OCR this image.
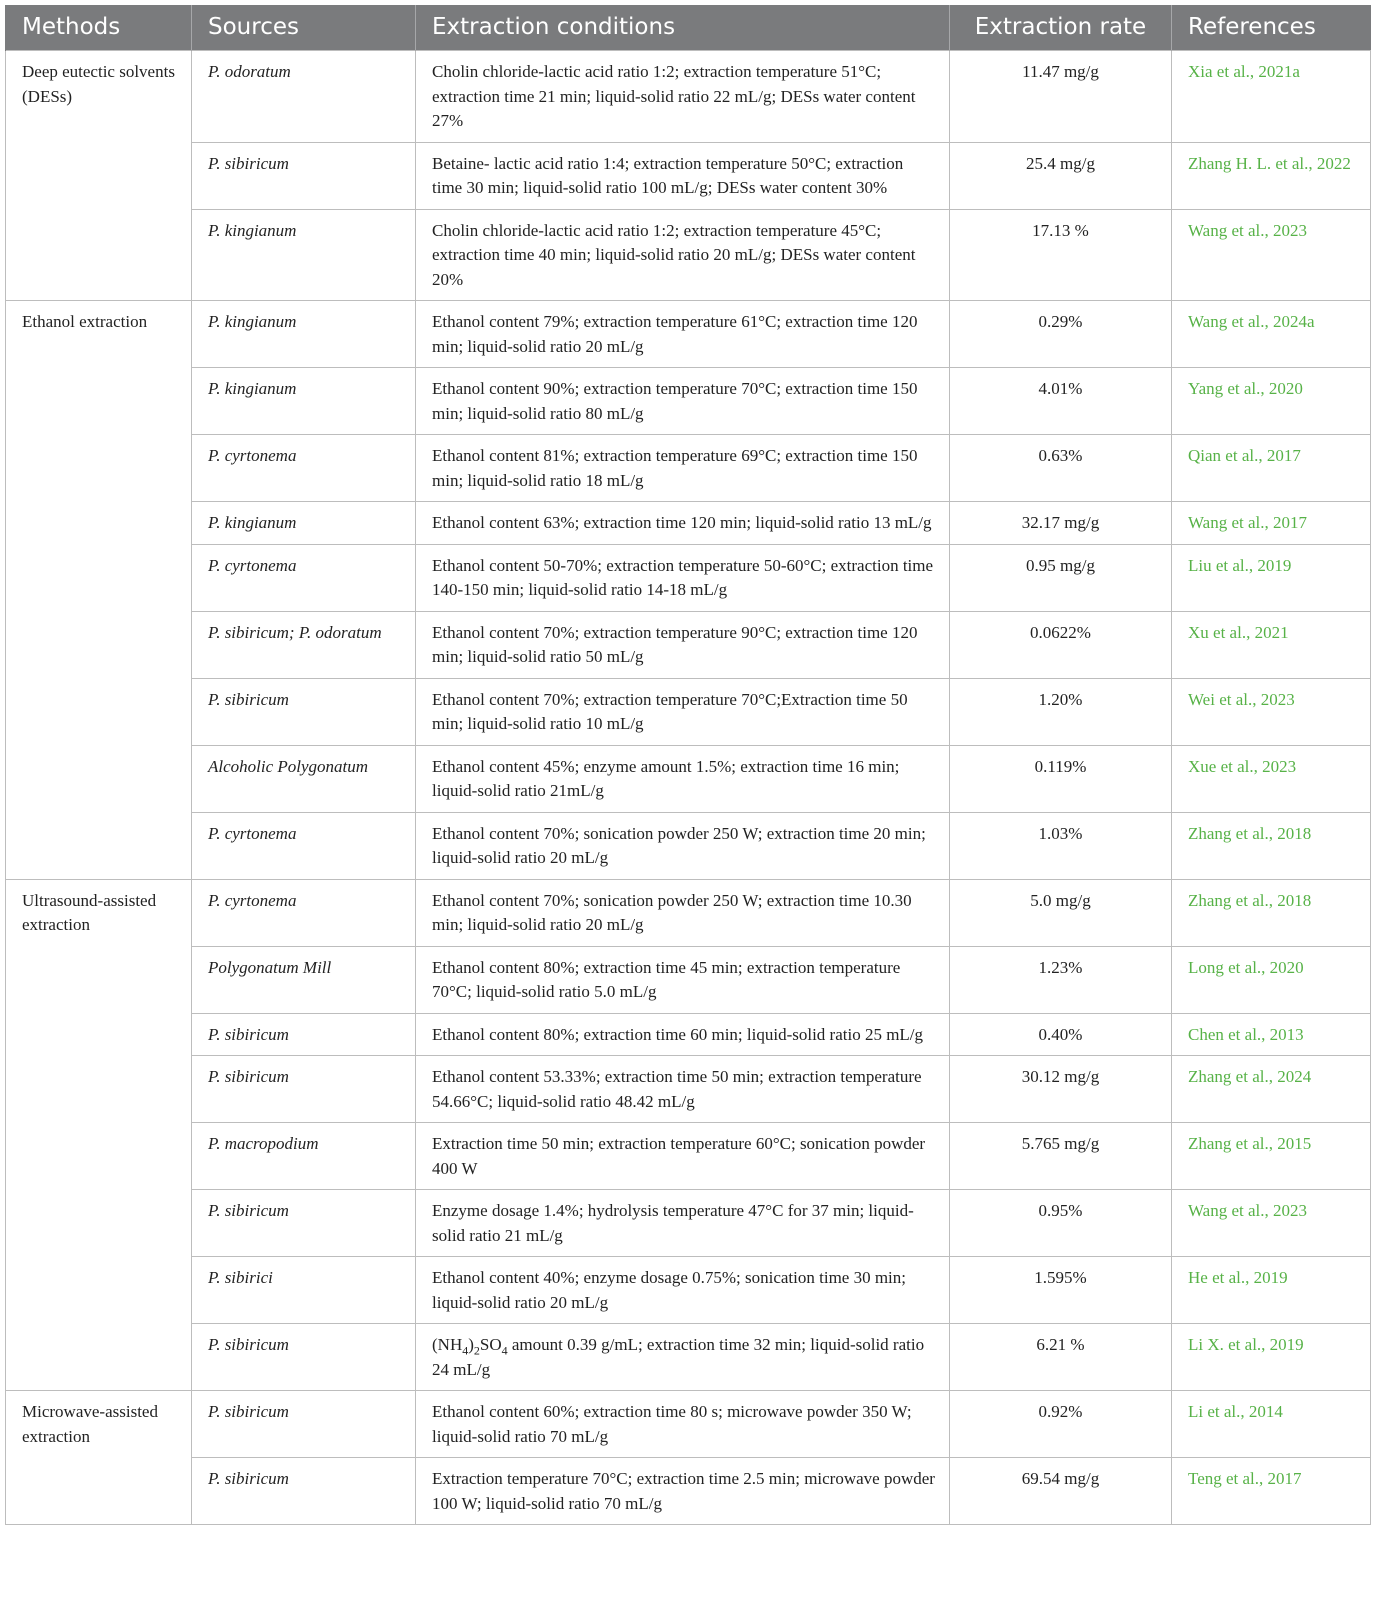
Methods	Sources	Extraction conditions	Extraction rate	References
Deep eutectic solvents (DESs)	P. odoratum	Cholin chloride-lactic acid ratio 1:2; extraction temperature 51°C; extraction time 21 min; liquid-solid ratio 22 mL/g; DESs water content 27%	11.47 mg/g	Xia et al., 2021a
	P. sibiricum	Betaine- lactic acid ratio 1:4; extraction temperature 50°C; extraction time 30 min; liquid-solid ratio 100 mL/g; DESs water content 30%	25.4 mg/g	Zhang H. L. et al., 2022
	P. kingianum	Cholin chloride-lactic acid ratio 1:2; extraction temperature 45°C; extraction time 40 min; liquid-solid ratio 20 mL/g; DESs water content 20%	17.13 %	Wang et al., 2023
Ethanol extraction	P. kingianum	Ethanol content 79%; extraction temperature 61°C; extraction time 120 min; liquid-solid ratio 20 mL/g	0.29%	Wang et al., 2024a
	P. kingianum	Ethanol content 90%; extraction temperature 70°C; extraction time 150 min; liquid-solid ratio 80 mL/g	4.01%	Yang et al., 2020
	P. cyrtonema	Ethanol content 81%; extraction temperature 69°C; extraction time 150 min; liquid-solid ratio 18 mL/g	0.63%	Qian et al., 2017
	P. kingianum	Ethanol content 63%; extraction time 120 min; liquid-solid ratio 13 mL/g	32.17 mg/g	Wang et al., 2017
	P. cyrtonema	Ethanol content 50-70%; extraction temperature 50-60°C; extraction time 140-150 min; liquid-solid ratio 14-18 mL/g	0.95 mg/g	Liu et al., 2019
	P. sibiricum; P. odoratum	Ethanol content 70%; extraction temperature 90°C; extraction time 120 min; liquid-solid ratio 50 mL/g	0.0622%	Xu et al., 2021
	P. sibiricum	Ethanol content 70%; extraction temperature 70°C;Extraction time 50 min; liquid-solid ratio 10 mL/g	1.20%	Wei et al., 2023
	Alcoholic Polygonatum	Ethanol content 45%; enzyme amount 1.5%; extraction time 16 min; liquid-solid ratio 21mL/g	0.119%	Xue et al., 2023
	P. cyrtonema	Ethanol content 70%; sonication powder 250 W; extraction time 20 min; liquid-solid ratio 20 mL/g	1.03%	Zhang et al., 2018
Ultrasound-assisted extraction	P. cyrtonema	Ethanol content 70%; sonication powder 250 W; extraction time 10.30 min; liquid-solid ratio 20 mL/g	5.0 mg/g	Zhang et al., 2018
	Polygonatum Mill	Ethanol content 80%; extraction time 45 min; extraction temperature 70°C; liquid-solid ratio 5.0 mL/g	1.23%	Long et al., 2020
	P. sibiricum	Ethanol content 80%; extraction time 60 min; liquid-solid ratio 25 mL/g	0.40%	Chen et al., 2013
	P. sibiricum	Ethanol content 53.33%; extraction time 50 min; extraction temperature 54.66°C; liquid-solid ratio 48.42 mL/g	30.12 mg/g	Zhang et al., 2024
	P. macropodium	Extraction time 50 min; extraction temperature 60°C; sonication powder 400 W	5.765 mg/g	Zhang et al., 2015
	P. sibiricum	Enzyme dosage 1.4%; hydrolysis temperature 47°C for 37 min; liquid-solid ratio 21 mL/g	0.95%	Wang et al., 2023
	P. sibirici	Ethanol content 40%; enzyme dosage 0.75%; sonication time 30 min; liquid-solid ratio 20 mL/g	1.595%	He et al., 2019
	P. sibiricum	$(NH_4)_2SO_4$ amount 0.39 g/mL; extraction time 32 min; liquid-solid ratio 24 mL/g	6.21 %	Li X. et al., 2019
Microwave-assisted extraction	P. sibiricum	Ethanol content 60%; extraction time 80 s; microwave powder 350 W; liquid-solid ratio 70 mL/g	0.92%	Li et al., 2014
	P. sibiricum	Extraction temperature 70°C; extraction time 2.5 min; microwave powder 100 W; liquid-solid ratio 70 mL/g	69.54 mg/g	Teng et al., 2017
